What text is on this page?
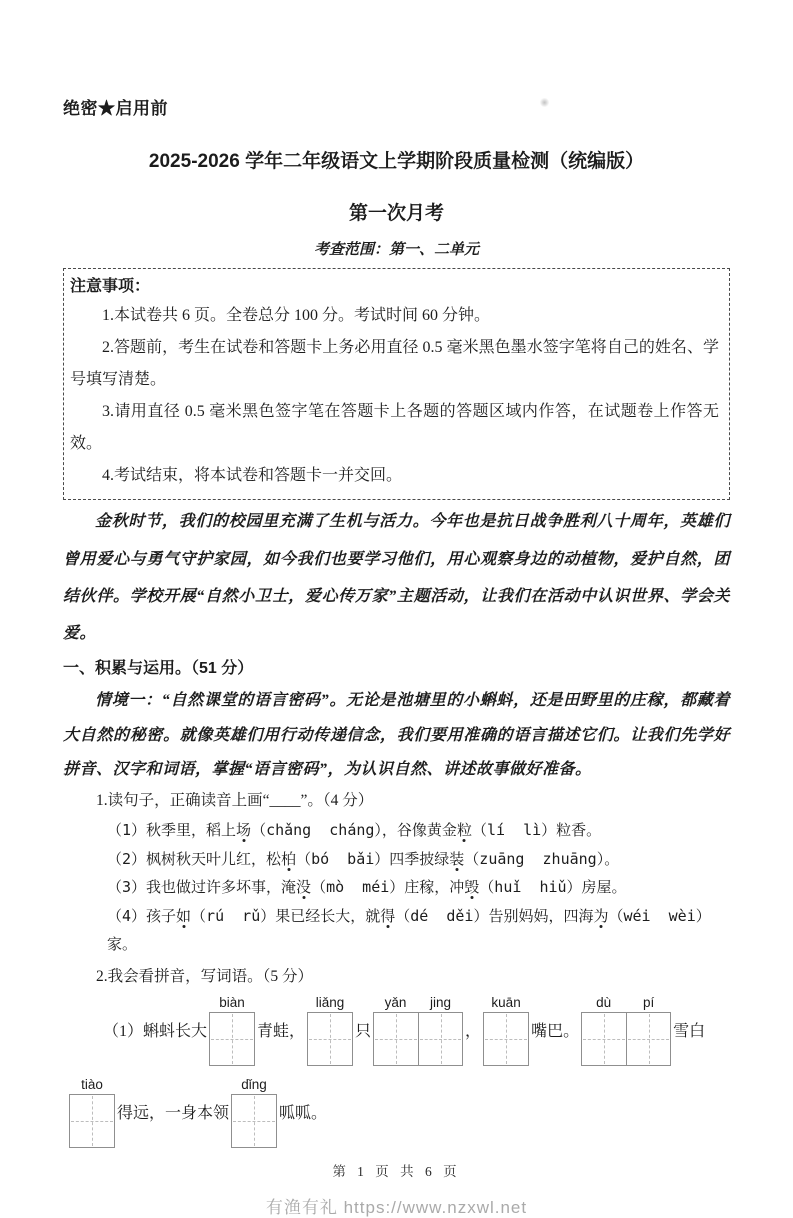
绝密★启用前
2025-2026 学年二年级语文上学期阶段质量检测（统编版）
第一次月考
考查范围：第一、二单元
注意事项：

1.本试卷共 6 页。全卷总分 100 分。考试时间 60 分钟。

2.答题前，考生在试卷和答题卡上务必用直径 0.5 毫米黑色墨水签字笔将自己的姓名、学号填写清楚。

3.请用直径 0.5 毫米黑色签字笔在答题卡上各题的答题区域内作答，在试题卷上作答无效。

4.考试结束，将本试卷和答题卡一并交回。

金秋时节，我们的校园里充满了生机与活力。今年也是抗日战争胜利八十周年，英雄们曾用爱心与勇气守护家园，如今我们也要学习他们，用心观察身边的动植物，爱护自然，团结伙伴。学校开展“自然小卫士，爱心传万家”主题活动，让我们在活动中认识世界、学会关爱。

一、积累与运用。（51 分）

情境一：“自然课堂的语言密码”。无论是池塘里的小蝌蚪，还是田野里的庄稼，都藏着大自然的秘密。就像英雄们用行动传递信念，我们要用准确的语言描述它们。让我们先学好拼音、汉字和词语，掌握“语言密码”，为认识自然、讲述故事做好准备。

1.读句子，正确读音上画“____”。（4 分）

（1）秋季里，稻上场（chǎng  cháng），谷像黄金粒（lí  lì）粒香。

（2）枫树秋天叶儿红，松柏（bó  bǎi）四季披绿装（zuāng  zhuāng）。

（3）我也做过许多坏事，淹没（mò  méi）庄稼，冲毁（huǐ  hiǔ）房屋。

（4）孩子如（rú  rǔ）果已经长大，就得（dé  děi）告别妈妈，四海为（wéi  wèi）家。

2.我会看拼音，写词语。（5 分）
（1）蝌蚪长大
biàn
青蛙，
liǎng
只
yǎn	jing
，
kuān
嘴巴。
dù	pí
雪白
tiào
得远，一身本领
dǐng
呱呱。
第 1 页 共 6 页
有渔有礼 https://www.nzxwl.net
